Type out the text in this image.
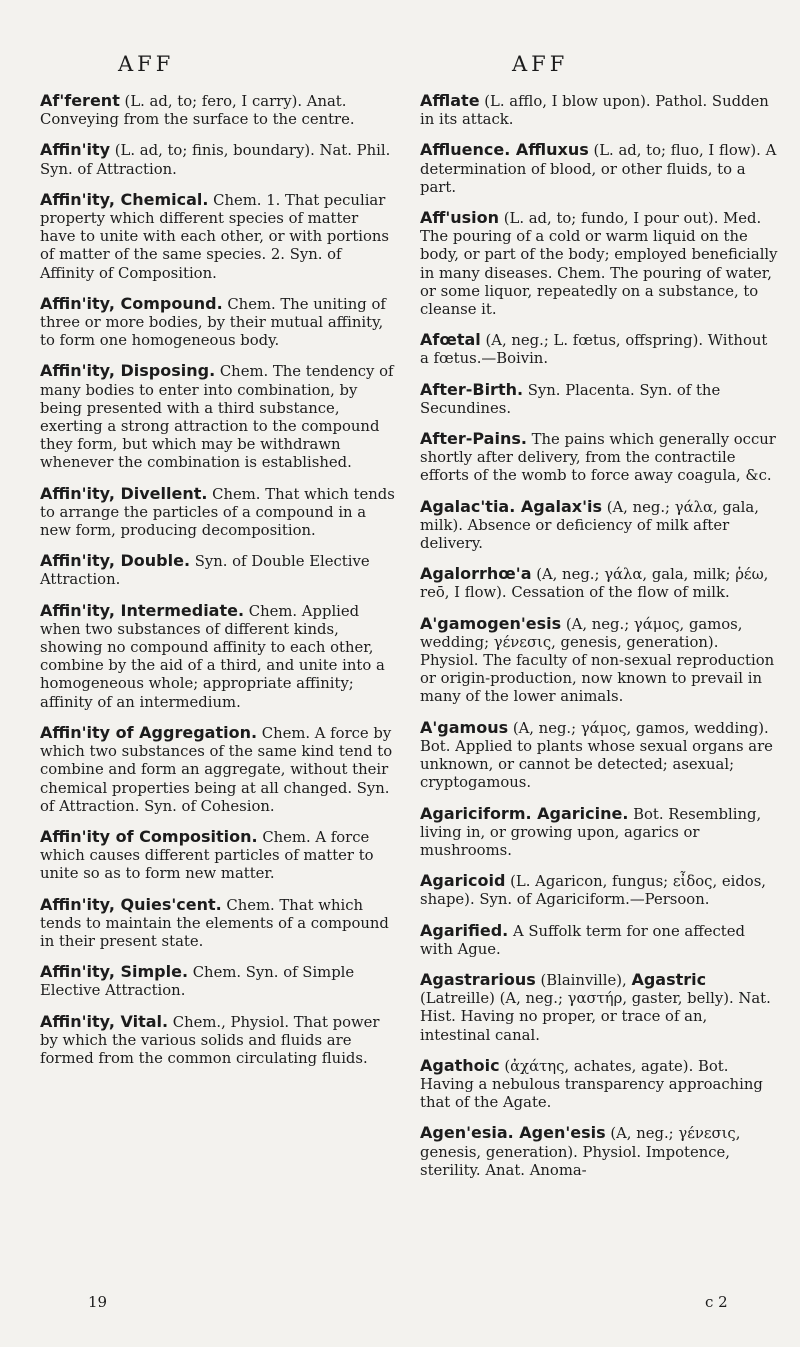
AFF	AFF

Af'ferent (L. ad, to; fero, I carry). Anat. Conveying from the surface to the centre.

Affin'ity (L. ad, to; finis, boundary). Nat. Phil. Syn. of Attraction.

Affin'ity, Chemical. Chem. 1. That peculiar property which different species of matter have to unite with each other, or with portions of matter of the same species. 2. Syn. of Affinity of Composition.

Affin'ity, Compound. Chem. The uniting of three or more bodies, by their mutual affinity, to form one homogeneous body.

Affin'ity, Disposing. Chem. The tendency of many bodies to enter into combination, by being presented with a third substance, exerting a strong attraction to the compound they form, but which may be withdrawn whenever the combination is established.

Affin'ity, Divellent. Chem. That which tends to arrange the particles of a compound in a new form, producing decomposition.

Affin'ity, Double. Syn. of Double Elective Attraction.

Affin'ity, Intermediate. Chem. Applied when two substances of different kinds, showing no compound affinity to each other, combine by the aid of a third, and unite into a homogeneous whole; appropriate affinity; affinity of an intermedium.

Affin'ity of Aggregation. Chem. A force by which two substances of the same kind tend to combine and form an aggregate, without their chemical properties being at all changed. Syn. of Attraction. Syn. of Cohesion.

Affin'ity of Composition. Chem. A force which causes different particles of matter to unite so as to form new matter.

Affin'ity, Quies'cent. Chem. That which tends to maintain the elements of a compound in their present state.

Affin'ity, Simple. Chem. Syn. of Simple Elective Attraction.

Affin'ity, Vital. Chem., Physiol. That power by which the various solids and fluids are formed from the common circulating fluids.

Afflate (L. afflo, I blow upon). Pathol. Sudden in its attack.

Affluence. Affluxus (L. ad, to; fluo, I flow). A determination of blood, or other fluids, to a part.

Aff'usion (L. ad, to; fundo, I pour out). Med. The pouring of a cold or warm liquid on the body, or part of the body; employed beneficially in many diseases. Chem. The pouring of water, or some liquor, repeatedly on a substance, to cleanse it.

Afœtal (A, neg.; L. fœtus, offspring). Without a fœtus.—Boivin.

After-Birth. Syn. Placenta. Syn. of the Secundines.

After-Pains. The pains which generally occur shortly after delivery, from the contractile efforts of the womb to force away coagula, &c.

Agalac'tia. Agalax'is (A, neg.; γάλα, gala, milk). Absence or deficiency of milk after delivery.

Agalorrhœ'a (A, neg.; γάλα, gala, milk; ῥέω, reō, I flow). Cessation of the flow of milk.

A'gamogen'esis (A, neg.; γάμος, gamos, wedding; γένεσις, genesis, generation). Physiol. The faculty of non-sexual reproduction or origin-production, now known to prevail in many of the lower animals.

A'gamous (A, neg.; γάμος, gamos, wedding). Bot. Applied to plants whose sexual organs are unknown, or cannot be detected; asexual; cryptogamous.

Agariciform. Agaricine. Bot. Resembling, living in, or growing upon, agarics or mushrooms.

Agaricoid (L. Agaricon, fungus; εἶδος, eidos, shape). Syn. of Agariciform.—Persoon.

Agarified. A Suffolk term for one affected with Ague.

Agastrarious (Blainville), Agastric (Latreille) (A, neg.; γαστήρ, gaster, belly). Nat. Hist. Having no proper, or trace of an, intestinal canal.

Agathoic (ἀχάτης, achates, agate). Bot. Having a nebulous transparency approaching that of the Agate.

Agen'esia. Agen'esis (A, neg.; γένεσις, genesis, generation). Physiol. Impotence, sterility. Anat. Anoma-

19	c 2
